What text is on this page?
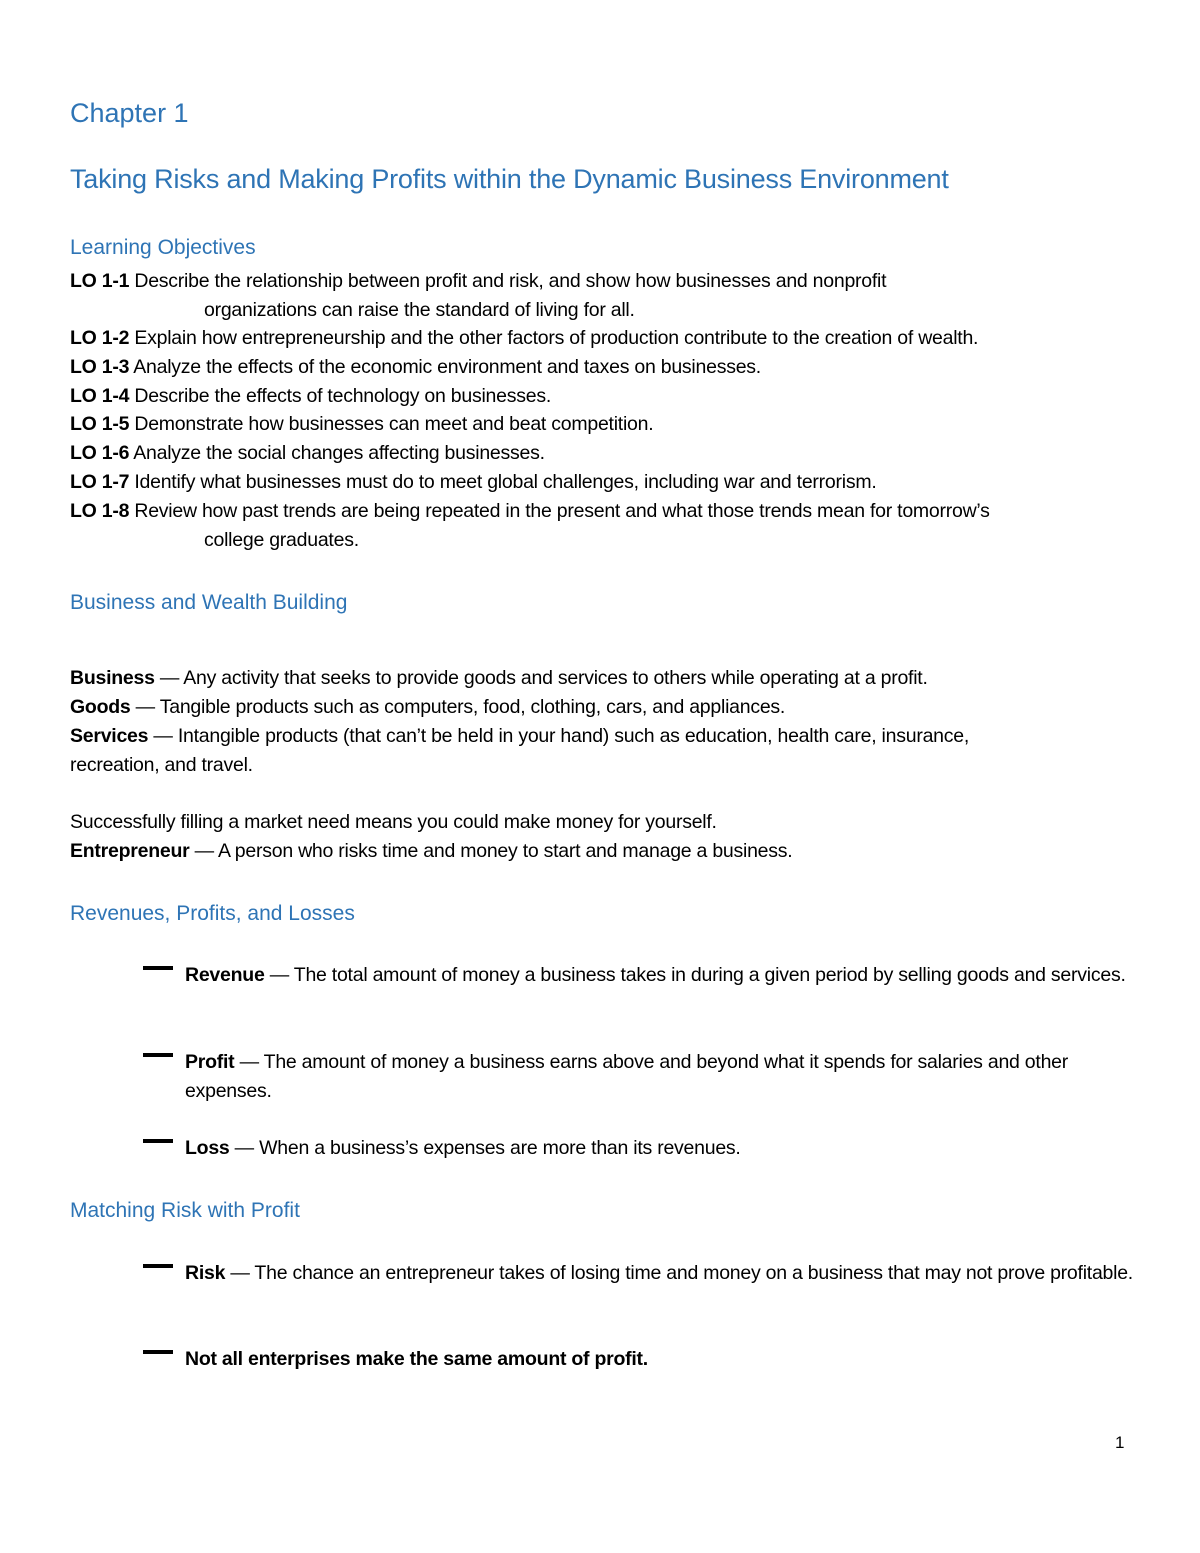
Chapter 1
Taking Risks and Making Profits within the Dynamic Business Environment
Learning Objectives
LO 1-1 Describe the relationship between profit and risk, and show how businesses and nonprofit
organizations can raise the standard of living for all.
LO 1-2 Explain how entrepreneurship and the other factors of production contribute to the creation of wealth.
LO 1-3 Analyze the effects of the economic environment and taxes on businesses.
LO 1-4 Describe the effects of technology on businesses.
LO 1-5 Demonstrate how businesses can meet and beat competition.
LO 1-6 Analyze the social changes affecting businesses.
LO 1-7 Identify what businesses must do to meet global challenges, including war and terrorism.
LO 1-8 Review how past trends are being repeated in the present and what those trends mean for tomorrow’s
college graduates.
Business and Wealth Building
Business — Any activity that seeks to provide goods and services to others while operating at a profit.
Goods — Tangible products such as computers, food, clothing, cars, and appliances.
Services — Intangible products (that can’t be held in your hand) such as education, health care, insurance,
recreation, and travel.
Successfully filling a market need means you could make money for yourself.
Entrepreneur — A person who risks time and money to start and manage a business.
Revenues, Profits, and Losses
Revenue — The total amount of money a business takes in during a given period by selling goods and services.
Profit — The amount of money a business earns above and beyond what it spends for salaries and other expenses.
Loss — When a business’s expenses are more than its revenues.
Matching Risk with Profit
Risk — The chance an entrepreneur takes of losing time and money on a business that may not prove profitable.
Not all enterprises make the same amount of profit.
1
